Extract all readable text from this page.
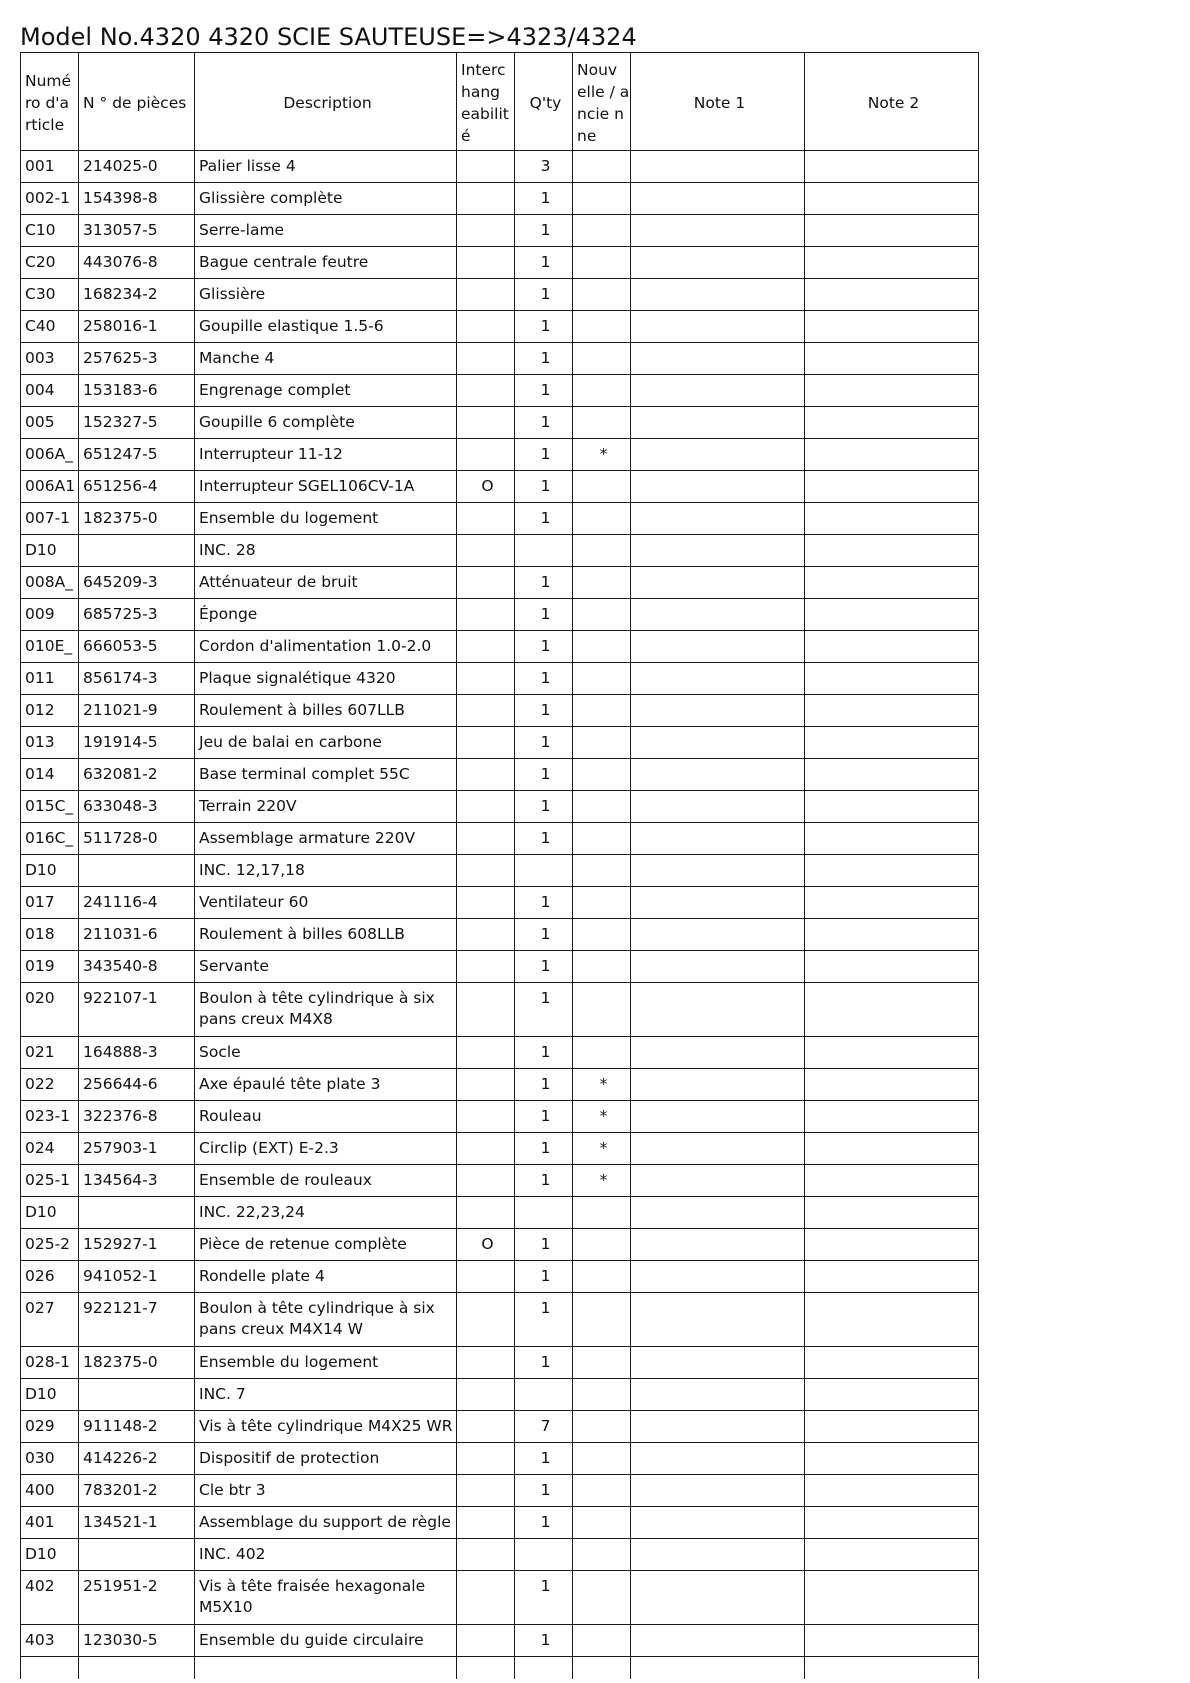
Model No.4320 4320 SCIE SAUTEUSE=>4323/4324
Numé ro d'a rticle	N ° de pièces	Description	Interc hang eabilit é	Q'ty	Nouv elle / ancie nne	Note 1	Note 2
001	214025-0	Palier lisse 4		3			
002-1	154398-8	Glissière complète		1			
C10	313057-5	Serre-lame		1			
C20	443076-8	Bague centrale feutre		1			
C30	168234-2	Glissière		1			
C40	258016-1	Goupille elastique 1.5-6		1			
003	257625-3	Manche 4		1			
004	153183-6	Engrenage complet		1			
005	152327-5	Goupille 6 complète		1			
006A_	651247-5	Interrupteur 11-12		1	*		
006A1	651256-4	Interrupteur SGEL106CV-1A	O	1			
007-1	182375-0	Ensemble du logement		1			
D10		INC. 28					
008A_	645209-3	Atténuateur de bruit		1			
009	685725-3	Éponge		1			
010E_	666053-5	Cordon d'alimentation 1.0-2.0		1			
011	856174-3	Plaque signalétique 4320		1			
012	211021-9	Roulement à billes 607LLB		1			
013	191914-5	Jeu de balai en carbone		1			
014	632081-2	Base terminal complet 55C		1			
015C_	633048-3	Terrain 220V		1			
016C_	511728-0	Assemblage armature 220V		1			
D10		INC. 12,17,18					
017	241116-4	Ventilateur 60		1			
018	211031-6	Roulement à billes 608LLB		1			
019	343540-8	Servante		1			
020	922107-1	Boulon à tête cylindrique à six pans creux M4X8		1			
021	164888-3	Socle		1			
022	256644-6	Axe épaulé tête plate 3		1	*		
023-1	322376-8	Rouleau		1	*		
024	257903-1	Circlip (EXT) E-2.3		1	*		
025-1	134564-3	Ensemble de rouleaux		1	*		
D10		INC. 22,23,24					
025-2	152927-1	Pièce de retenue complète	O	1			
026	941052-1	Rondelle plate 4		1			
027	922121-7	Boulon à tête cylindrique à six pans creux M4X14 W		1			
028-1	182375-0	Ensemble du logement		1			
D10		INC. 7					
029	911148-2	Vis à tête cylindrique M4X25 WR		7			
030	414226-2	Dispositif de protection		1			
400	783201-2	Cle btr 3		1			
401	134521-1	Assemblage du support de règle		1			
D10		INC. 402					
402	251951-2	Vis à tête fraisée hexagonale M5X10		1			
403	123030-5	Ensemble du guide circulaire		1			
